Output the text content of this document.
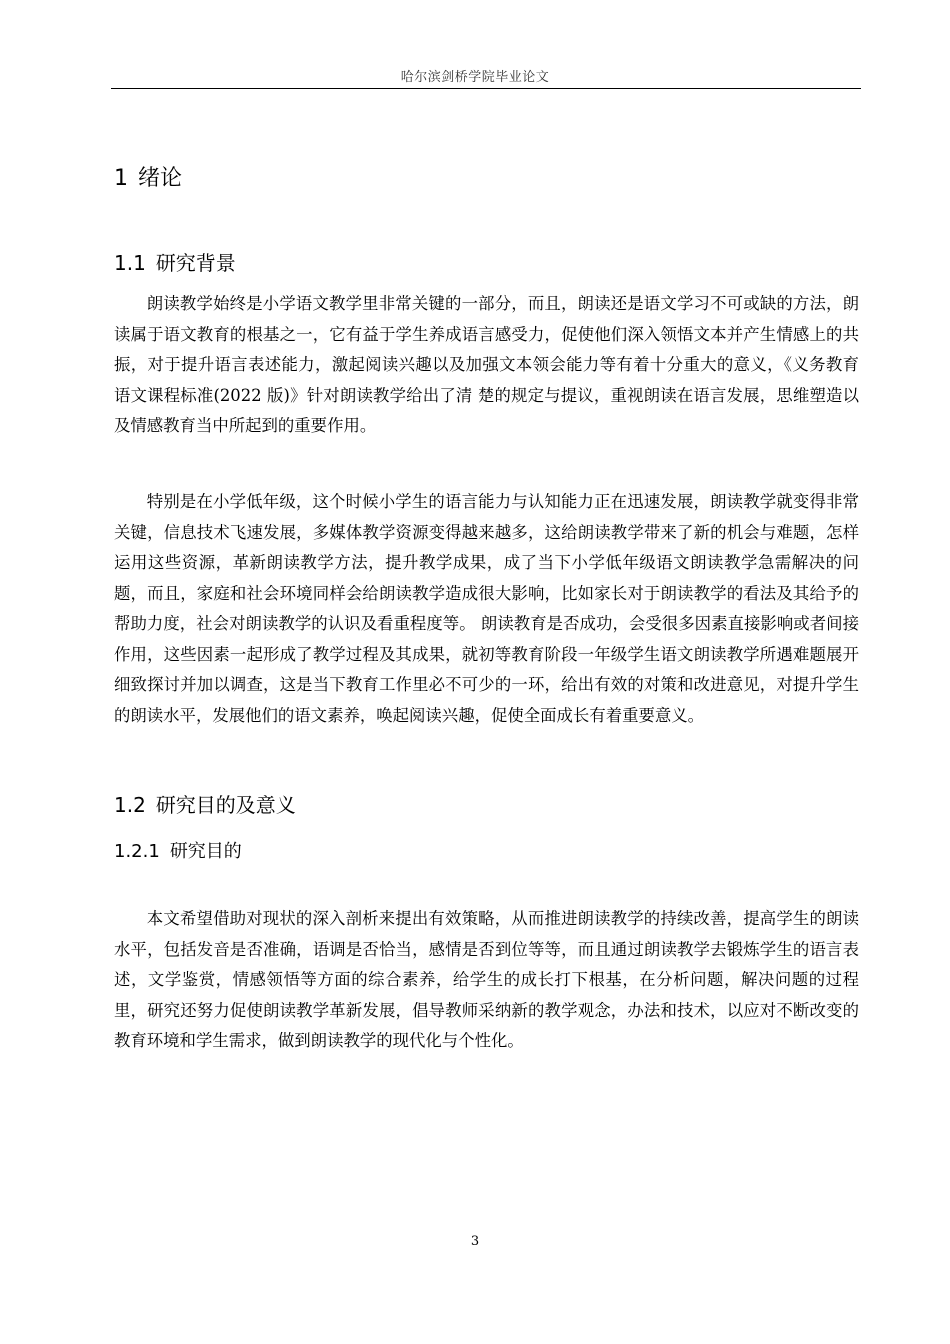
哈尔滨剑桥学院毕业论文
1 绪论
1.1 研究背景

朗读教学始终是小学语文教学里非常关键的一部分，而且，朗读还是语文学习不可或缺的方法，朗读属于语文教育的根基之一，它有益于学生养成语言感受力，促使他们深入领悟文本并产生情感上的共振，对于提升语言表述能力，激起阅读兴趣以及加强文本领会能力等有着十分重大的意义，《义务教育语文课程标准(2022 版)》针对朗读教学给出了清 楚的规定与提议，重视朗读在语言发展，思维塑造以及情感教育当中所起到的重要作用。

特别是在小学低年级，这个时候小学生的语言能力与认知能力正在迅速发展，朗读教学就变得非常关键，信息技术飞速发展，多媒体教学资源变得越来越多，这给朗读教学带来了新的机会与难题，怎样运用这些资源，革新朗读教学方法，提升教学成果，成了当下小学低年级语文朗读教学急需解决的问题，而且，家庭和社会环境同样会给朗读教学造成很大影响，比如家长对于朗读教学的看法及其给予的帮助力度，社会对朗读教学的认识及看重程度等。 朗读教育是否成功，会受很多因素直接影响或者间接作用，这些因素一起形成了教学过程及其成果，就初等教育阶段一年级学生语文朗读教学所遇难题展开细致探讨并加以调查，这是当下教育工作里必不可少的一环，给出有效的对策和改进意见，对提升学生的朗读水平，发展他们的语文素养，唤起阅读兴趣，促使全面成长有着重要意义。

1.2 研究目的及意义
1.2.1 研究目的

本文希望借助对现状的深入剖析来提出有效策略，从而推进朗读教学的持续改善，提高学生的朗读水平，包括发音是否准确，语调是否恰当，感情是否到位等等，而且通过朗读教学去锻炼学生的语言表述，文学鉴赏，情感领悟等方面的综合素养，给学生的成长打下根基，在分析问题，解决问题的过程里，研究还努力促使朗读教学革新发展，倡导教师采纳新的教学观念，办法和技术，以应对不断改变的教育环境和学生需求，做到朗读教学的现代化与个性化。

3
